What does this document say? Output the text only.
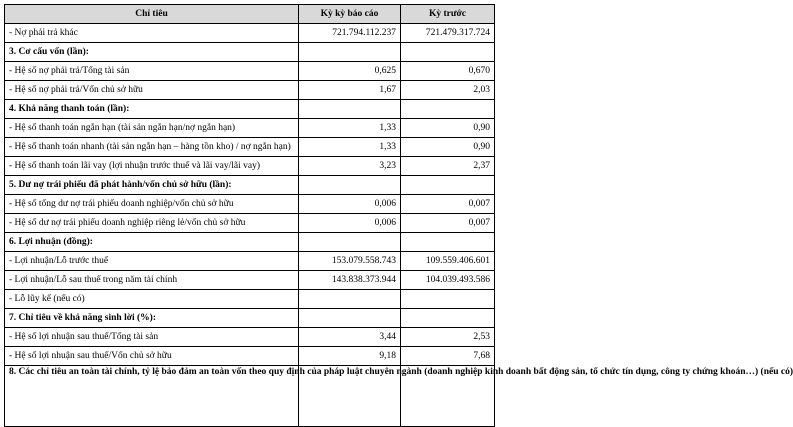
Chỉ tiêu	Kỳ kỳ báo cáo	Kỳ trước
- Nợ phải trả khác	721.794.112.237	721.479.317.724
3. Cơ cấu vốn (lần):		
- Hệ số nợ phải trả/Tổng tài sản	0,625	0,670
- Hệ số nợ phải trả/Vốn chủ sở hữu	1,67	2,03
4. Khả năng thanh toán (lần):		
- Hệ số thanh toán ngắn hạn (tài sản ngắn hạn/nợ ngắn hạn)	1,33	0,90
- Hệ số thanh toán nhanh (tài sản ngắn hạn – hàng tồn kho) / nợ ngắn hạn)	1,33	0,90
- Hệ số thanh toán lãi vay (lợi nhuận trước thuế và lãi vay/lãi vay)	3,23	2,37
5. Dư nợ trái phiếu đã phát hành/vốn chủ sở hữu (lần):		
- Hệ số tổng dư nợ trái phiếu doanh nghiệp/vốn chủ sở hữu	0,006	0,007
- Hệ số dư nợ trái phiếu doanh nghiệp riêng lẻ/vốn chủ sở hữu	0,006	0,007
6. Lợi nhuận (đồng):		
- Lợi nhuận/Lỗ trước thuế	153.079.558.743	109.559.406.601
- Lợi nhuận/Lỗ sau thuế trong năm tài chính	143.838.373.944	104.039.493.586
- Lỗ lũy kế (nếu có)		
7. Chỉ tiêu về khả năng sinh lời (%):		
- Hệ số lợi nhuận sau thuế/Tổng tài sản	3,44	2,53
- Hệ số lợi nhuận sau thuế/Vốn chủ sở hữu	9,18	7,68
8. Các chỉ tiêu an toàn tài chính, tỷ lệ bảo đảm an toàn vốn theo quy định của pháp luật chuyên ngành (doanh nghiệp kinh doanh bất động sản, tổ chức tín dụng, công ty chứng khoán…) (nếu có)		
